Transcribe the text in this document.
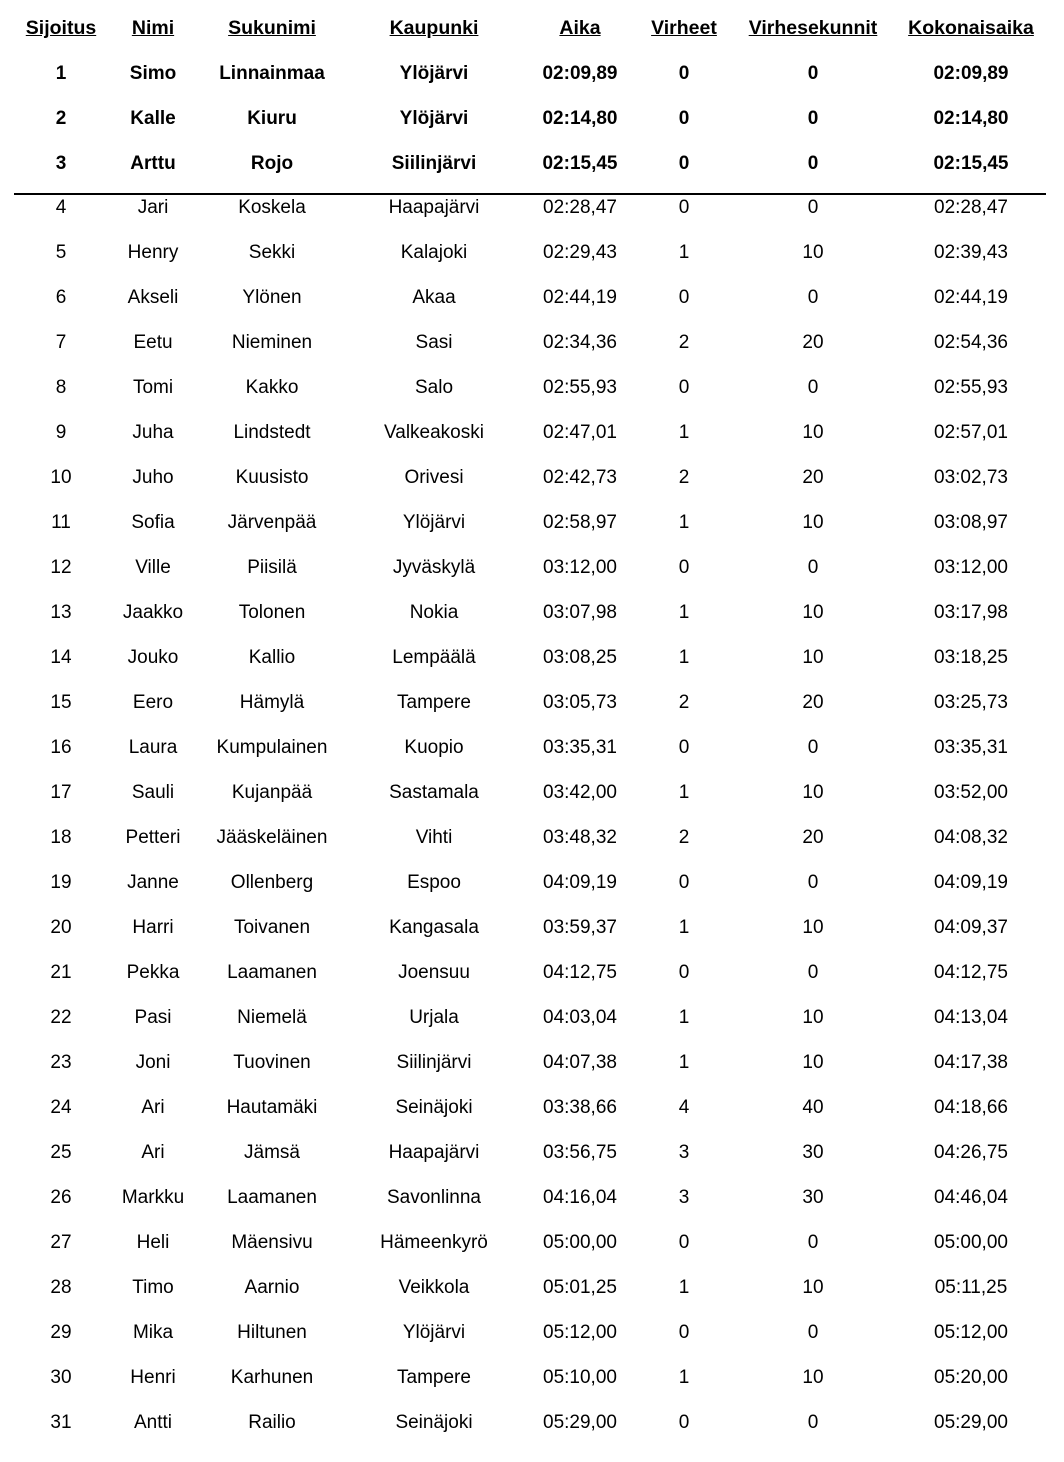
Sijoitus	Nimi	Sukunimi	Kaupunki	Aika	Virheet	Virhesekunnit	Kokonaisaika
1	Simo	Linnainmaa	Ylöjärvi	02:09,89	0	0	02:09,89
2	Kalle	Kiuru	Ylöjärvi	02:14,80	0	0	02:14,80
3	Arttu	Rojo	Siilinjärvi	02:15,45	0	0	02:15,45
4	Jari	Koskela	Haapajärvi	02:28,47	0	0	02:28,47
5	Henry	Sekki	Kalajoki	02:29,43	1	10	02:39,43
6	Akseli	Ylönen	Akaa	02:44,19	0	0	02:44,19
7	Eetu	Nieminen	Sasi	02:34,36	2	20	02:54,36
8	Tomi	Kakko	Salo	02:55,93	0	0	02:55,93
9	Juha	Lindstedt	Valkeakoski	02:47,01	1	10	02:57,01
10	Juho	Kuusisto	Orivesi	02:42,73	2	20	03:02,73
11	Sofia	Järvenpää	Ylöjärvi	02:58,97	1	10	03:08,97
12	Ville	Piisilä	Jyväskylä	03:12,00	0	0	03:12,00
13	Jaakko	Tolonen	Nokia	03:07,98	1	10	03:17,98
14	Jouko	Kallio	Lempäälä	03:08,25	1	10	03:18,25
15	Eero	Hämylä	Tampere	03:05,73	2	20	03:25,73
16	Laura	Kumpulainen	Kuopio	03:35,31	0	0	03:35,31
17	Sauli	Kujanpää	Sastamala	03:42,00	1	10	03:52,00
18	Petteri	Jääskeläinen	Vihti	03:48,32	2	20	04:08,32
19	Janne	Ollenberg	Espoo	04:09,19	0	0	04:09,19
20	Harri	Toivanen	Kangasala	03:59,37	1	10	04:09,37
21	Pekka	Laamanen	Joensuu	04:12,75	0	0	04:12,75
22	Pasi	Niemelä	Urjala	04:03,04	1	10	04:13,04
23	Joni	Tuovinen	Siilinjärvi	04:07,38	1	10	04:17,38
24	Ari	Hautamäki	Seinäjoki	03:38,66	4	40	04:18,66
25	Ari	Jämsä	Haapajärvi	03:56,75	3	30	04:26,75
26	Markku	Laamanen	Savonlinna	04:16,04	3	30	04:46,04
27	Heli	Mäensivu	Hämeenkyrö	05:00,00	0	0	05:00,00
28	Timo	Aarnio	Veikkola	05:01,25	1	10	05:11,25
29	Mika	Hiltunen	Ylöjärvi	05:12,00	0	0	05:12,00
30	Henri	Karhunen	Tampere	05:10,00	1	10	05:20,00
31	Antti	Railio	Seinäjoki	05:29,00	0	0	05:29,00
